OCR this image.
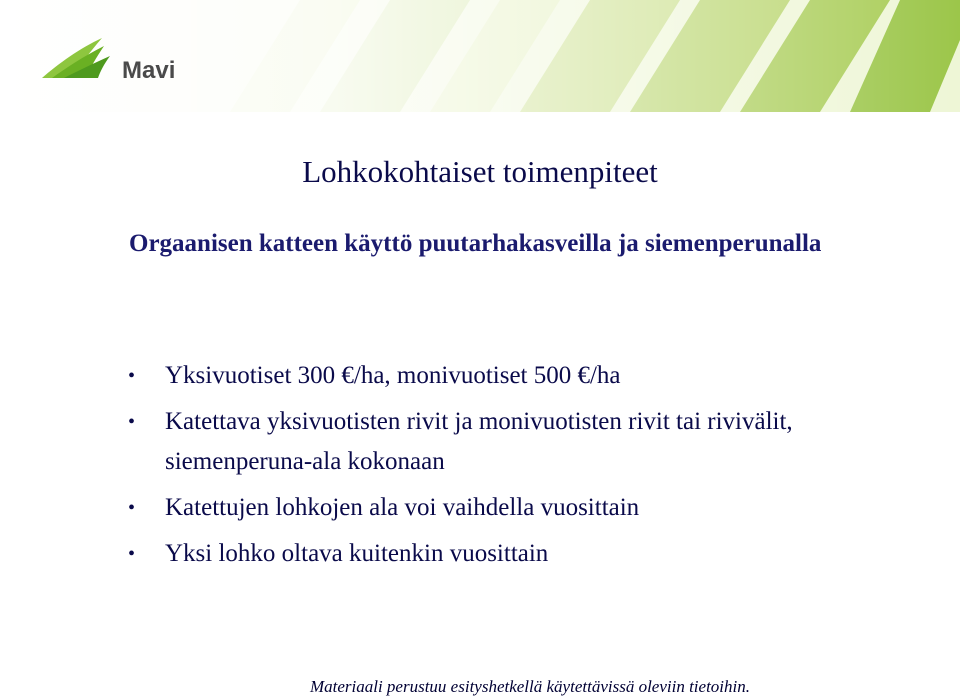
Mavi
Lohkokohtaiset toimenpiteet
Orgaanisen katteen käyttö puutarhakasveilla ja siemenperunalla
• Yksivuotiset 300 €/ha, monivuotiset 500 €/ha
• Katettava yksivuotisten rivit ja monivuotisten rivit tai rivivälit, siemenperuna-ala kokonaan
• Katettujen lohkojen ala voi vaihdella vuosittain
• Yksi lohko oltava kuitenkin vuosittain
Materiaali perustuu esityshetkellä käytettävissä oleviin tietoihin.
